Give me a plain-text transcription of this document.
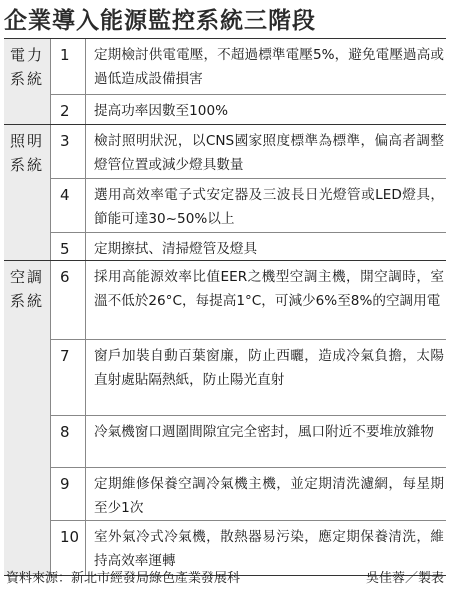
企業導入能源監控系統三階段
電力
系統
1	定期檢討供電電壓，不超過標準電壓5%，避免電壓過高或過低造成設備損害
2	提高功率因數至100%
照明
系統
3	檢討照明狀況，以CNS國家照度標準為標準，偏高者調整燈管位置或減少燈具數量
4	選用高效率電子式安定器及三波長日光燈管或LED燈具，節能可達30~50%以上
5	定期擦拭、清掃燈管及燈具
空調
系統
6	採用高能源效率比值EER之機型空調主機，開空調時，室溫不低於26°C，每提高1°C，可減少6%至8%的空調用電
7	窗戶加裝自動百葉窗廉，防止西曬，造成冷氣負擔，太陽直射處貼隔熱紙，防止陽光直射
8	冷氣機窗口週圍間隙宜完全密封，風口附近不要堆放雜物
9	定期維修保養空調冷氣機主機，並定期清洗濾網，每星期至少1次
10	室外氣冷式冷氣機，散熱器易污染，應定期保養清洗，維持高效率運轉
資料來源：新北市經發局綠色產業發展科	吳佳蓉／製表
